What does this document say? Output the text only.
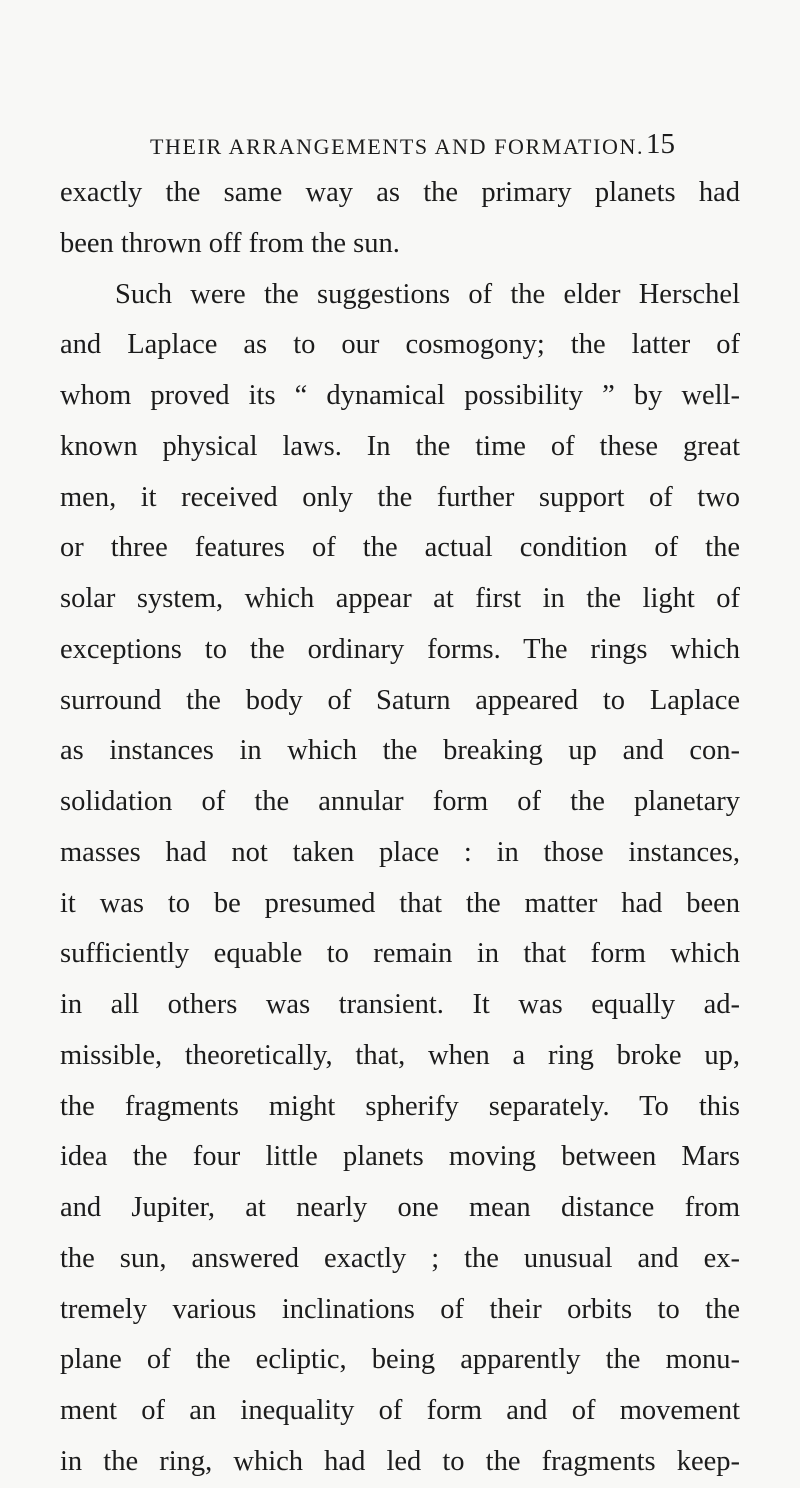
THEIR ARRANGEMENTS AND FORMATION. 15
exactly the same way as the primary planets had
been thrown off from the sun.
Such were the suggestions of the elder Herschel
and Laplace as to our cosmogony; the latter of
whom proved its “ dynamical possibility ” by well-
known physical laws. In the time of these great
men, it received only the further support of two
or three features of the actual condition of the
solar system, which appear at first in the light of
exceptions to the ordinary forms. The rings which
surround the body of Saturn appeared to Laplace
as instances in which the breaking up and con-
solidation of the annular form of the planetary
masses had not taken place : in those instances,
it was to be presumed that the matter had been
sufficiently equable to remain in that form which
in all others was transient. It was equally ad-
missible, theoretically, that, when a ring broke up,
the fragments might spherify separately. To this
idea the four little planets moving between Mars
and Jupiter, at nearly one mean distance from
the sun, answered exactly ; the unusual and ex-
tremely various inclinations of their orbits to the
plane of the ecliptic, being apparently the monu-
ment of an inequality of form and of movement
in the ring, which had led to the fragments keep-
